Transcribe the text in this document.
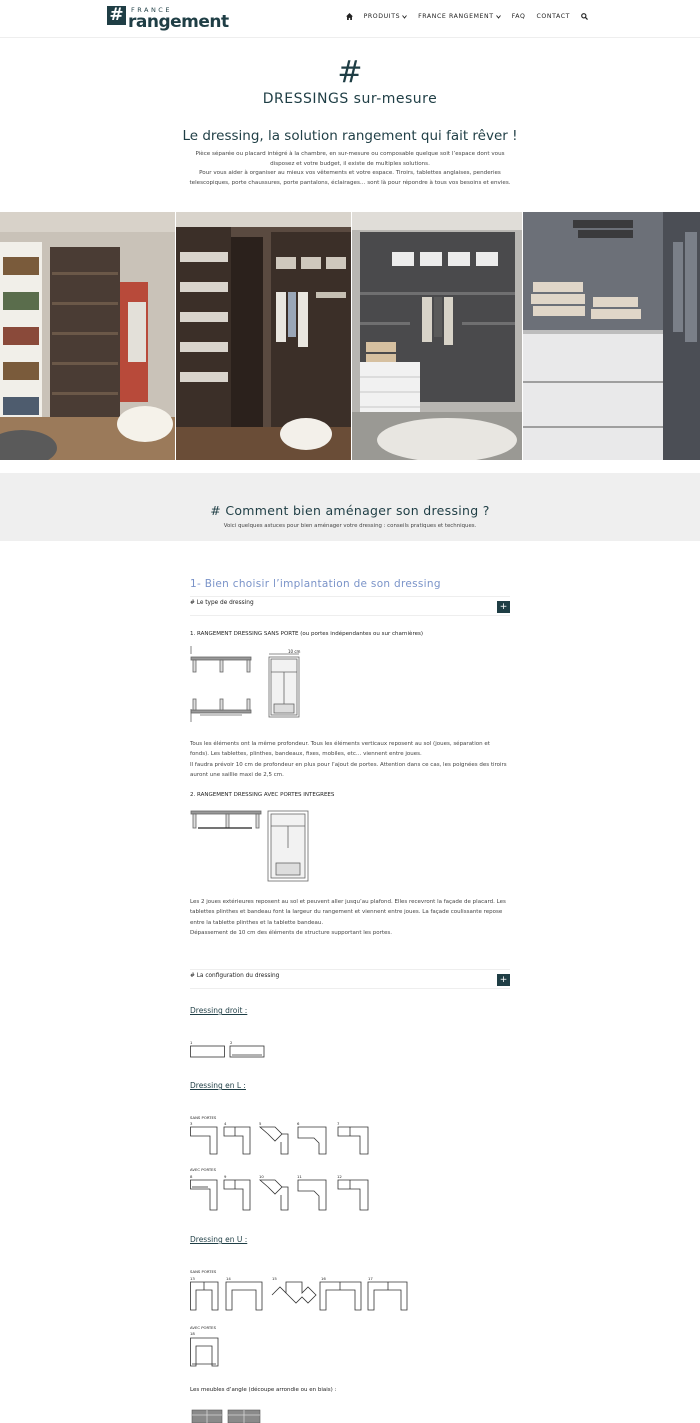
#	FRANCE
rangement	PRODUITS	FRANCE RANGEMENT	FAQ CONTACT
#
DRESSINGS sur-mesure
Le dressing, la solution rangement qui fait rêver !
Pièce séparée ou placard intégré à la chambre, en sur-mesure ou composable quelque soit l’espace dont vous disposez et votre budget, il existe de multiples solutions.
Pour vous aider à organiser au mieux vos vêtements et votre espace. Tiroirs, tablettes anglaises, penderies telescopiques, porte chaussures, porte pantalons, éclairages… sont là pour répondre à tous vos besoins et envies.
# Comment bien aménager son dressing ?
Voici quelques astuces pour bien aménager votre dressing : conseils pratiques et techniques.
1- Bien choisir l’implantation de son dressing
# Le type de dressing	+
1. RANGEMENT DRESSING SANS PORTE (ou portes indépendantes ou sur charnières)
10 cm
Tous les éléments ont la même profondeur. Tous les éléments verticaux reposent au sol (joues, séparation et fonds). Les tablettes, plinthes, bandeaux, fixes, mobiles, etc… viennent entre joues.
Il faudra prévoir 10 cm de profondeur en plus pour l’ajout de portes. Attention dans ce cas, les poignées des tiroirs auront une saillie maxi de 2,5 cm.
2. RANGEMENT DRESSING AVEC PORTES INTEGREES
Les 2 joues extérieures reposent au sol et peuvent aller jusqu’au plafond. Elles recevront la façade de placard. Les tablettes plinthes et bandeau font la largeur du rangement et viennent entre joues. La façade coulissante repose entre la tablette plinthes et la tablette bandeau.
Dépassement de 10 cm des éléments de structure supportant les portes.
# La configuration du dressing	+
Dressing droit :
1	2
Dressing en L :
SANS PORTES
3	4	5	6	7
AVEC PORTES
8	9	10	11	12
Dressing en U :
SANS PORTES
13	14	15	16	17
AVEC PORTES
18
Les meubles d’angle (découpe arrondie ou en biais) :
